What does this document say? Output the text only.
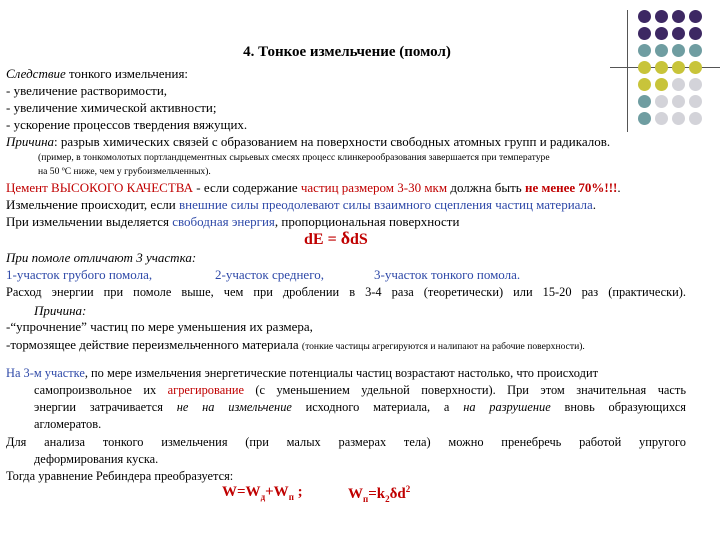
4. Тонкое измельчение (помол)
Следствие тонкого измельчения:
- увеличение растворимости,
- увеличение химической активности;
- ускорение процессов твердения вяжущих.
Причина: разрыв химических связей с образованием на поверхности свободных атомных групп и радикалов.
(пример, в тонкомолотых портландцементных сырьевых смесях процесс клинкерообразования завершается при температуре
на 50 ºС ниже, чем у грубоизмельченных).
Цемент ВЫСОКОГО КАЧЕСТВА - если содержание частиц размером 3-30 мкм должна быть не менее 70%!!!.
Измельчение происходит, если внешние силы преодолевают силы взаимного сцепления частиц материала.
При измельчении выделяется свободная энергия, пропорциональная поверхности
dE = δdS
При помоле отличают 3 участка:
1-участок грубого помола,	2-участок среднего,	3-участок тонкого помола.
Расход энергии при помоле выше, чем при дроблении в 3-4 раза (теоретически) или 15-20 раз (практически).
Причина:
-“упрочнение” частиц по мере уменьшения их размера,
-тормозящее действие переизмельченного материала (тонкие частицы агрегируются и налипают на рабочие поверхности).
На 3-м участке, по мере измельчения энергетические потенциалы частиц возрастают настолько, что происходит
самопроизвольное их агрегирование (с уменьшением удельной поверхности). При этом значительная часть
энергии затрачивается не на измельчение исходного материала, а на разрушение вновь образующихся
агломератов.
Для анализа тонкого измельчения (при малых размерах тела) можно пренебречь работой упругого
деформирования куска.
Тогда уравнение Ребиндера преобразуется:
$W=W_д+W_п$ ;	$W_п=k_2\delta d^2$
